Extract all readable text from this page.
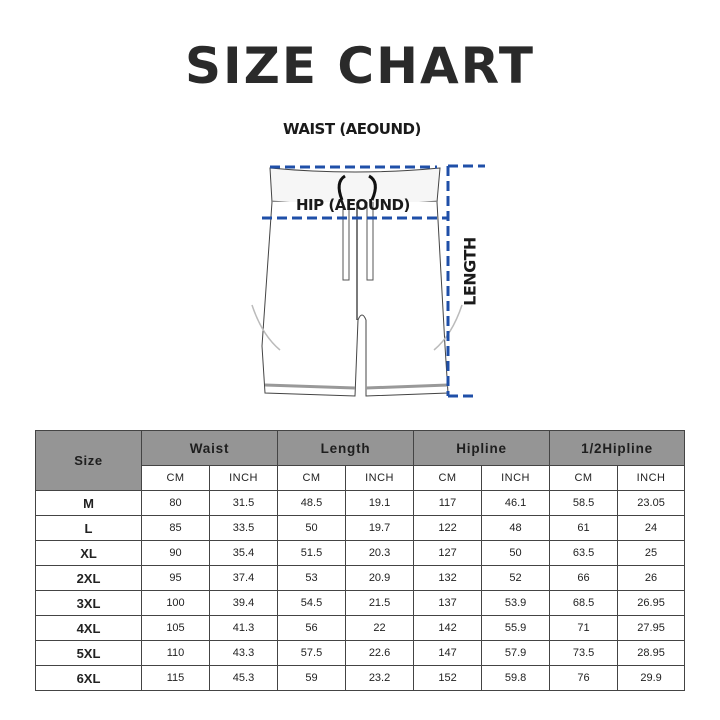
SIZE CHART
WAIST (AEOUND)
HIP (AEOUND)
LENGTH
Size	Waist		Length		Hipline		1/2Hipline	
	CM	INCH	CM	INCH	CM	INCH	CM	INCH
M	80	31.5	48.5	19.1	117	46.1	58.5	23.05
L	85	33.5	50	19.7	122	48	61	24
XL	90	35.4	51.5	20.3	127	50	63.5	25
2XL	95	37.4	53	20.9	132	52	66	26
3XL	100	39.4	54.5	21.5	137	53.9	68.5	26.95
4XL	105	41.3	56	22	142	55.9	71	27.95
5XL	110	43.3	57.5	22.6	147	57.9	73.5	28.95
6XL	115	45.3	59	23.2	152	59.8	76	29.9
